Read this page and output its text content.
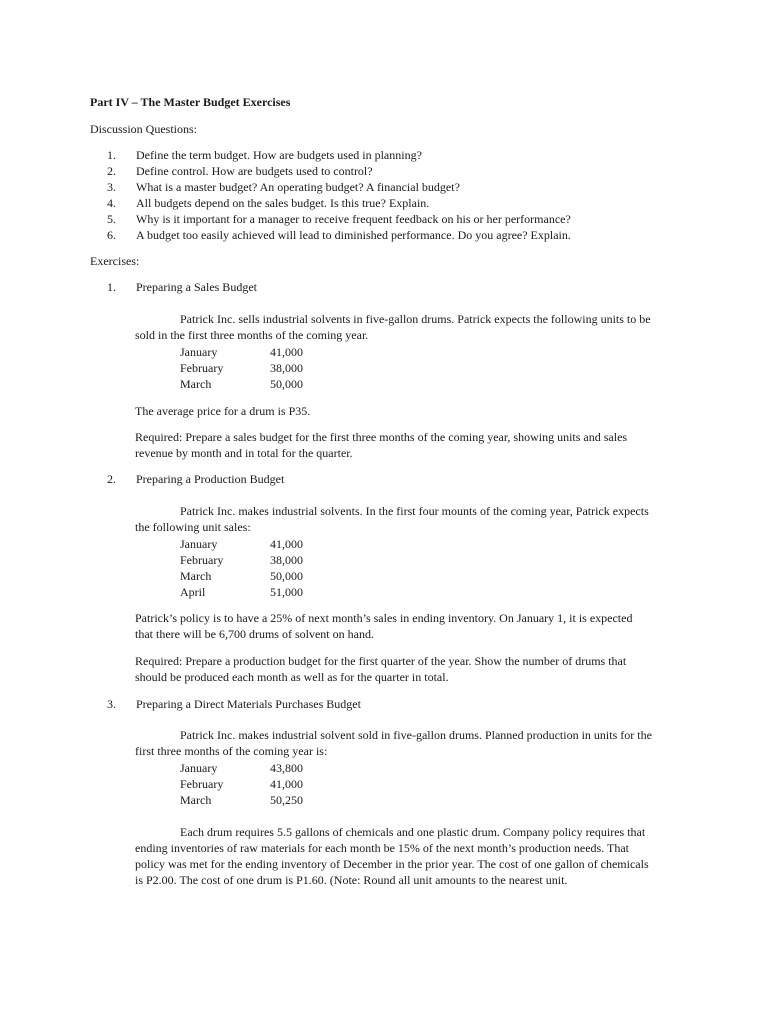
Part IV – The Master Budget Exercises
Discussion Questions:
1. Define the term budget. How are budgets used in planning?
2. Define control. How are budgets used to control?
3. What is a master budget? An operating budget? A financial budget?
4. All budgets depend on the sales budget. Is this true? Explain.
5. Why is it important for a manager to receive frequent feedback on his or her performance?
6. A budget too easily achieved will lead to diminished performance. Do you agree? Explain.
Exercises:
1. Preparing a Sales Budget
Patrick Inc. sells industrial solvents in five-gallon drums. Patrick expects the following units to be
sold in the first three months of the coming year.
January	41,000
February	38,000
March	50,000
The average price for a drum is P35.
Required: Prepare a sales budget for the first three months of the coming year, showing units and sales
revenue by month and in total for the quarter.
2. Preparing a Production Budget
Patrick Inc. makes industrial solvents. In the first four mounts of the coming year, Patrick expects
the following unit sales:
January	41,000
February	38,000
March	50,000
April	51,000
Patrick’s policy is to have a 25% of next month’s sales in ending inventory. On January 1, it is expected
that there will be 6,700 drums of solvent on hand.
Required: Prepare a production budget for the first quarter of the year. Show the number of drums that
should be produced each month as well as for the quarter in total.
3. Preparing a Direct Materials Purchases Budget
Patrick Inc. makes industrial solvent sold in five-gallon drums. Planned production in units for the
first three months of the coming year is:
January	43,800
February	41,000
March	50,250
Each drum requires 5.5 gallons of chemicals and one plastic drum. Company policy requires that
ending inventories of raw materials for each month be 15% of the next month’s production needs. That
policy was met for the ending inventory of December in the prior year. The cost of one gallon of chemicals
is P2.00. The cost of one drum is P1.60. (Note: Round all unit amounts to the nearest unit.
